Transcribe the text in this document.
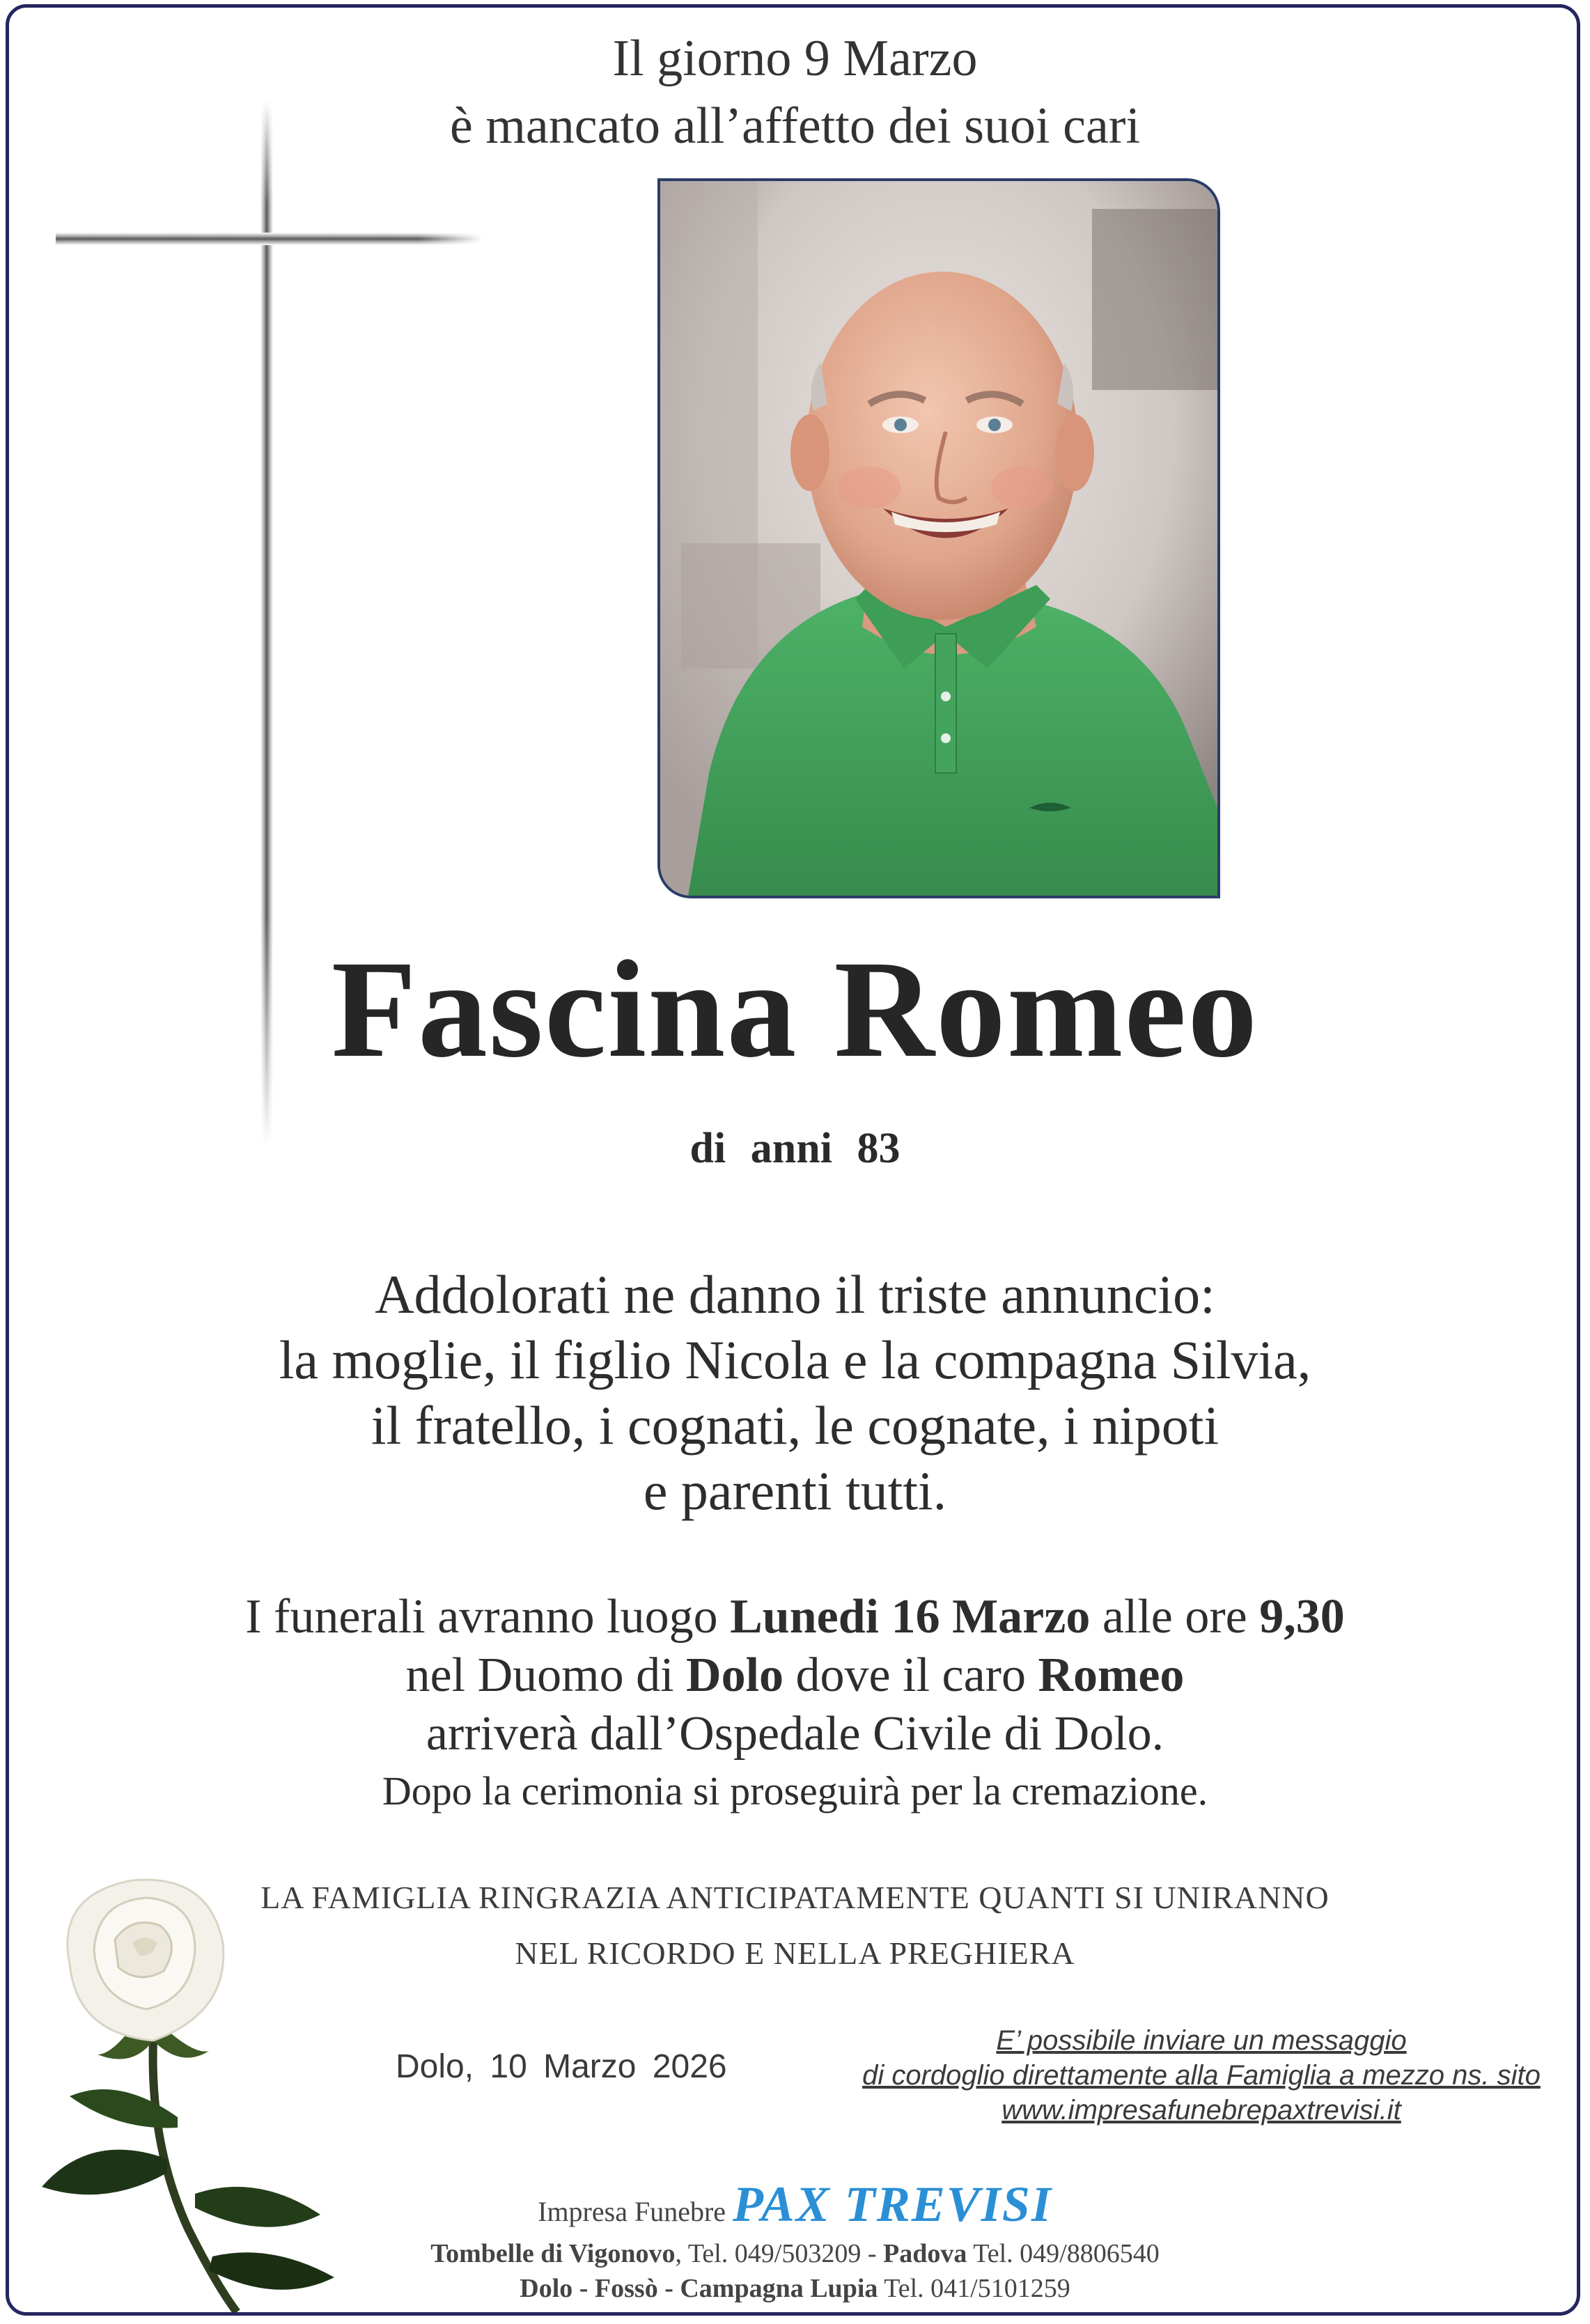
Il giorno 9 Marzo
è mancato all’affetto dei suoi cari
Fascina Romeo
di anni 83
Addolorati ne danno il triste annuncio:
la moglie, il figlio Nicola e la compagna Silvia,
il fratello, i cognati, le cognate, i nipoti
e parenti tutti.
I funerali avranno luogo Lunedi 16 Marzo alle ore 9,30
nel Duomo di Dolo dove il caro Romeo
arriverà dall’Ospedale Civile di Dolo.
Dopo la cerimonia si proseguirà per la cremazione.
LA FAMIGLIA RINGRAZIA ANTICIPATAMENTE QUANTI SI UNIRANNO
NEL RICORDO E NELLA PREGHIERA
Dolo, 10 Marzo 2026
E’ possibile inviare un messaggio
di cordoglio direttamente alla Famiglia a mezzo ns. sito
www.impresafunebrepaxtrevisi.it
Impresa Funebre PAX TREVISI
Tombelle di Vigonovo, Tel. 049/503209 - Padova Tel. 049/8806540
Dolo - Fossò - Campagna Lupia Tel. 041/5101259
